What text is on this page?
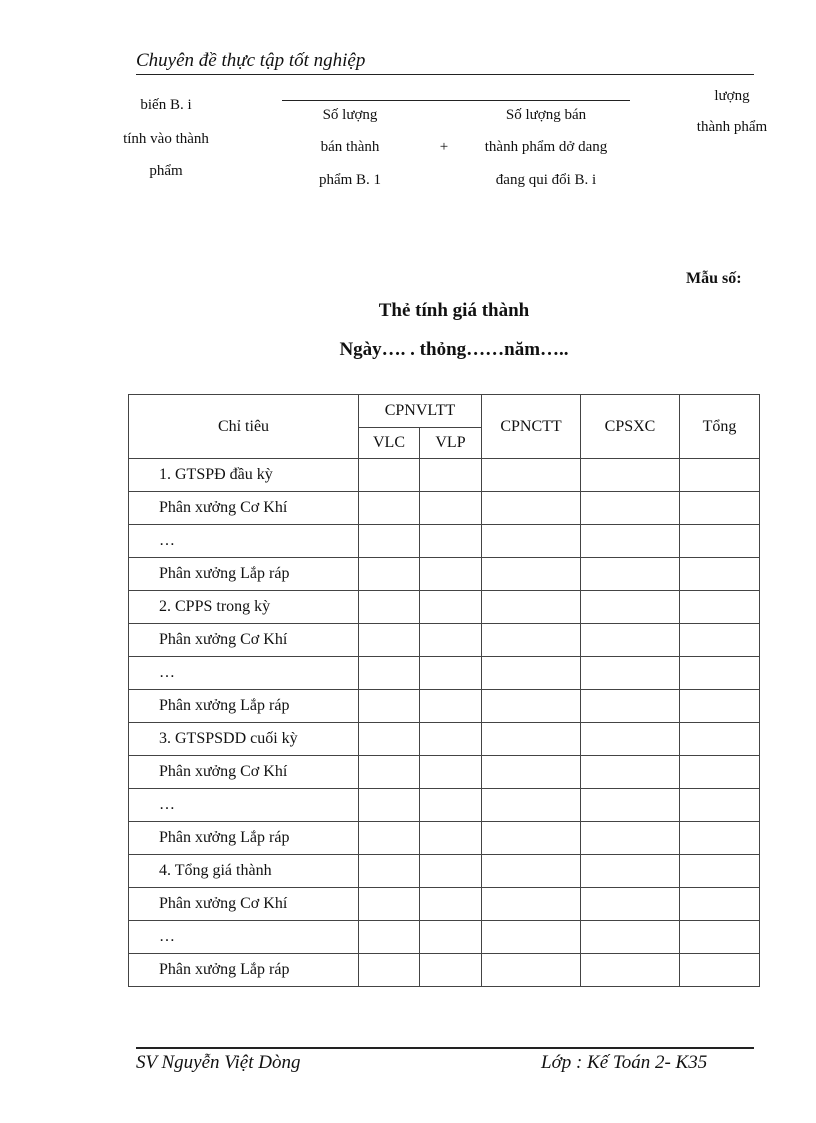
Chuyên đề thực tập tốt nghiệp
biến B. i
tính vào thành
phẩm
Số lượng
bán thành
phẩm B. 1
+
Số lượng bán
thành phẩm dở dang
đang qui đổi B. i
lượng
thành phẩm
Mẫu số:
Thẻ tính giá thành
Ngày…. . thỏng……năm…..
Chỉ tiêu	CPNVLTT		CPNCTT	CPSXC	Tổng
	VLC	VLP			
1. GTSPĐ đầu kỳ					
Phân xưởng Cơ Khí					
…					
Phân xưởng Lắp ráp					
2. CPPS trong kỳ					
Phân xưởng Cơ Khí					
…					
Phân xưởng Lắp ráp					
3. GTSPSDD cuối kỳ					
Phân xưởng Cơ Khí					
…					
Phân xưởng Lắp ráp					
4. Tổng giá thành					
Phân xưởng Cơ Khí					
…					
Phân xưởng Lắp ráp					
SV Nguyễn Việt Dòng	Lớp : Kế Toán 2- K35
